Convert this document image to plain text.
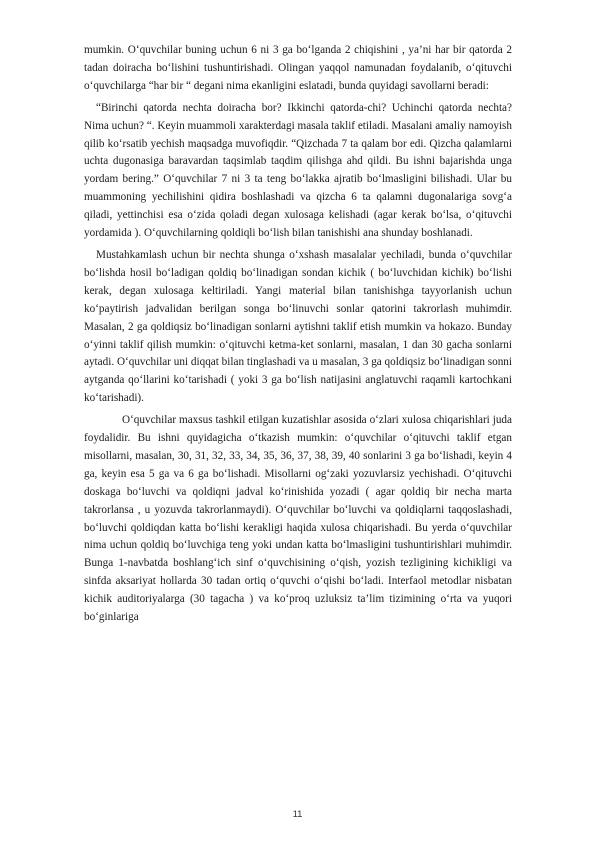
mumkin. O‘quvchilar buning uchun 6 ni 3 ga bo‘lganda 2 chiqishini , ya’ni har bir qatorda 2 tadan doiracha bo‘lishini tushuntirishadi. Olingan yaqqol namunadan foydalanib, o‘qituvchi o‘quvchilarga “har bir “ degani nima ekanligini eslatadi, bunda quyidagi savollarni beradi:

“Birinchi qatorda nechta doiracha bor? Ikkinchi qatorda-chi? Uchinchi qatorda nechta? Nima uchun? “. Keyin muammoli xarakterdagi masala taklif etiladi. Masalani amaliy namoyish qilib ko‘rsatib yechish maqsadga muvofiqdir. “Qizchada 7 ta qalam bor edi. Qizcha qalamlarni uchta dugonasiga baravardan taqsimlab taqdim qilishga ahd qildi. Bu ishni bajarishda unga yordam bering.” O‘quvchilar 7 ni 3 ta teng bo‘lakka ajratib bo‘lmasligini bilishadi. Ular bu muammoning yechilishini qidira boshlashadi va qizcha 6 ta qalamni dugonalariga sovg‘a qiladi, yettinchisi esa o‘zida qoladi degan xulosaga kelishadi (agar kerak bo‘lsa, o‘qituvchi yordamida ). O‘quvchilarning qoldiqli bo‘lish bilan tanishishi ana shunday boshlanadi.

Mustahkamlash uchun bir nechta shunga o‘xshash masalalar yechiladi, bunda o‘quvchilar bo‘lishda hosil bo‘ladigan qoldiq bo‘linadigan sondan kichik ( bo‘luvchidan kichik) bo‘lishi kerak, degan xulosaga keltiriladi. Yangi material bilan tanishishga tayyorlanish uchun ko‘paytirish jadvalidan berilgan songa bo‘linuvchi sonlar qatorini takrorlash muhimdir. Masalan, 2 ga qoldiqsiz bo‘linadigan sonlarni aytishni taklif etish mumkin va hokazo. Bunday o‘yinni taklif qilish mumkin: o‘qituvchi ketma-ket sonlarni, masalan, 1 dan 30 gacha sonlarni aytadi. O‘quvchilar uni diqqat bilan tinglashadi va u masalan, 3 ga qoldiqsiz bo‘linadigan sonni aytganda qo‘llarini ko‘tarishadi ( yoki 3 ga bo‘lish natijasini anglatuvchi raqamli kartochkani ko‘tarishadi).

O‘quvchilar maxsus tashkil etilgan kuzatishlar asosida o‘zlari xulosa chiqarishlari juda foydalidir. Bu ishni quyidagicha o‘tkazish mumkin: o‘quvchilar o‘qituvchi taklif etgan misollarni, masalan, 30, 31, 32, 33, 34, 35, 36, 37, 38, 39, 40 sonlarini 3 ga bo‘lishadi, keyin 4 ga, keyin esa 5 ga va 6 ga bo‘lishadi. Misollarni og‘zaki yozuvlarsiz yechishadi. O‘qituvchi doskaga bo‘luvchi va qoldiqni jadval ko‘rinishida yozadi ( agar qoldiq bir necha marta takrorlansa , u yozuvda takrorlanmaydi). O‘quvchilar bo‘luvchi va qoldiqlarni taqqoslashadi, bo‘luvchi qoldiqdan katta bo‘lishi kerakligi haqida xulosa chiqarishadi. Bu yerda o‘quvchilar nima uchun qoldiq bo‘luvchiga teng yoki undan katta bo‘lmasligini tushuntirishlari muhimdir. Bunga 1-navbatda boshlang‘ich sinf o‘quvchisining o‘qish, yozish tezligining kichikligi va sinfda aksariyat hollarda 30 tadan ortiq o‘quvchi o‘qishi bo‘ladi. Interfaol metodlar nisbatan kichik auditoriyalarga (30 tagacha ) va ko‘proq uzluksiz ta’lim tizimining o‘rta va yuqori bo‘ginlariga

11
